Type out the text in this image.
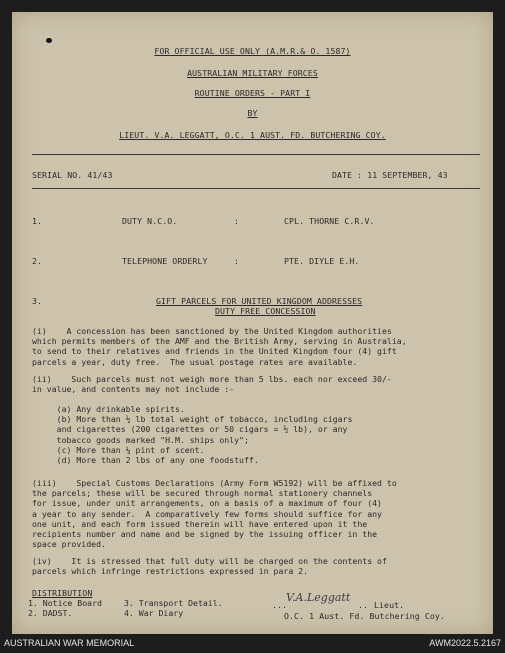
FOR OFFICIAL USE ONLY (A.M.R.& O. 1587)
AUSTRALIAN MILITARY FORCES
ROUTINE ORDERS - PART I
BY
LIEUT. V.A. LEGGATT, O.C. 1 AUST. FD. BUTCHERING COY.
SERIAL NO. 41/43	DATE : 11 SEPTEMBER, 43
1.	DUTY N.C.O.	:	CPL. THORNE C.R.V.
2.	TELEPHONE ORDERLY	:	PTE. DIYLE E.H.
3.	GIFT PARCELS FOR UNITED KINGDOM ADDRESSES
DUTY FREE CONCESSION
(i)    A concession has been sanctioned by the United Kingdom authorities
which permits members of the AMF and the British Army, serving in Australia,
to send to their relatives and friends in the United Kingdom four (4) gift
parcels a year, duty free.  The usual postage rates are available.
(ii)    Such parcels must not weigh more than 5 lbs. each nor exceed 30/-
in value, and contents may not include :-
(a) Any drinkable spirits.
(b) More than ½ lb total weight of tobacco, including cigars
and cigarettes (200 cigarettes or 50 cigars = ½ lb), or any
tobacco goods marked "H.M. ships only";
(c) More than ¼ pint of scent.
(d) More than 2 lbs of any one foodstuff.
(iii)    Special Customs Declarations (Army Form W5192) will be affixed to
the parcels; these will be secured through normal stationery channels
for issue, under unit arrangements, on a basis of a maximum of four (4)
a year to any sender.  A comparatively few forms should suffice for any
one unit, and each form issued therein will have entered upon it the
recipients number and name and be signed by the issuing officer in the
space provided.
(iv)    It is stressed that full duty will be charged on the contents of
parcels which infringe restrictions expressed in para 2.
DISTRIBUTION
1. Notice Board
2. DADST.
3. Transport Detail.
4. War Diary
...
V.A.Leggatt
.. Lieut.
O.C. 1 Aust. Fd. Butchering Coy.
AUSTRALIAN WAR MEMORIAL	AWM2022.5.2167
